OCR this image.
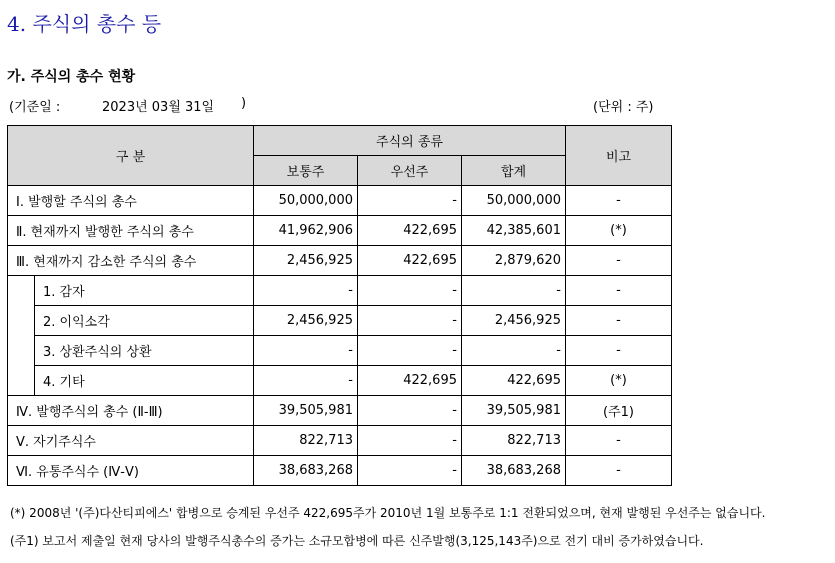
4. 주식의 총수 등
가. 주식의 총수 현황
(기준일 :	2023년 03월 31일 )	(단위 : 주)
구 분		주식의 종류			비고
		보통주	우선주	합계	
Ⅰ. 발행할 주식의 총수		50,000,000	-	50,000,000	-
Ⅱ. 현재까지 발행한 주식의 총수		41,962,906	422,695	42,385,601	(*)
Ⅲ. 현재까지 감소한 주식의 총수		2,456,925	422,695	2,879,620	-
	1. 감자	-	-	-	-
	2. 이익소각	2,456,925	-	2,456,925	-
	3. 상환주식의 상환	-	-	-	-
	4. 기타	-	422,695	422,695	(*)
Ⅳ. 발행주식의 총수 (Ⅱ-Ⅲ)		39,505,981	-	39,505,981	(주1)
Ⅴ. 자기주식수		822,713	-	822,713	-
Ⅵ. 유통주식수 (Ⅳ-Ⅴ)		38,683,268	-	38,683,268	-
(*) 2008년 '(주)다산티피에스' 합병으로 승계된 우선주 422,695주가 2010년 1월 보통주로 1:1 전환되었으며, 현재 발행된 우선주는 없습니다.
(주1) 보고서 제출일 현재 당사의 발행주식총수의 증가는 소규모합병에 따른 신주발행(3,125,143주)으로 전기 대비 증가하였습니다.
